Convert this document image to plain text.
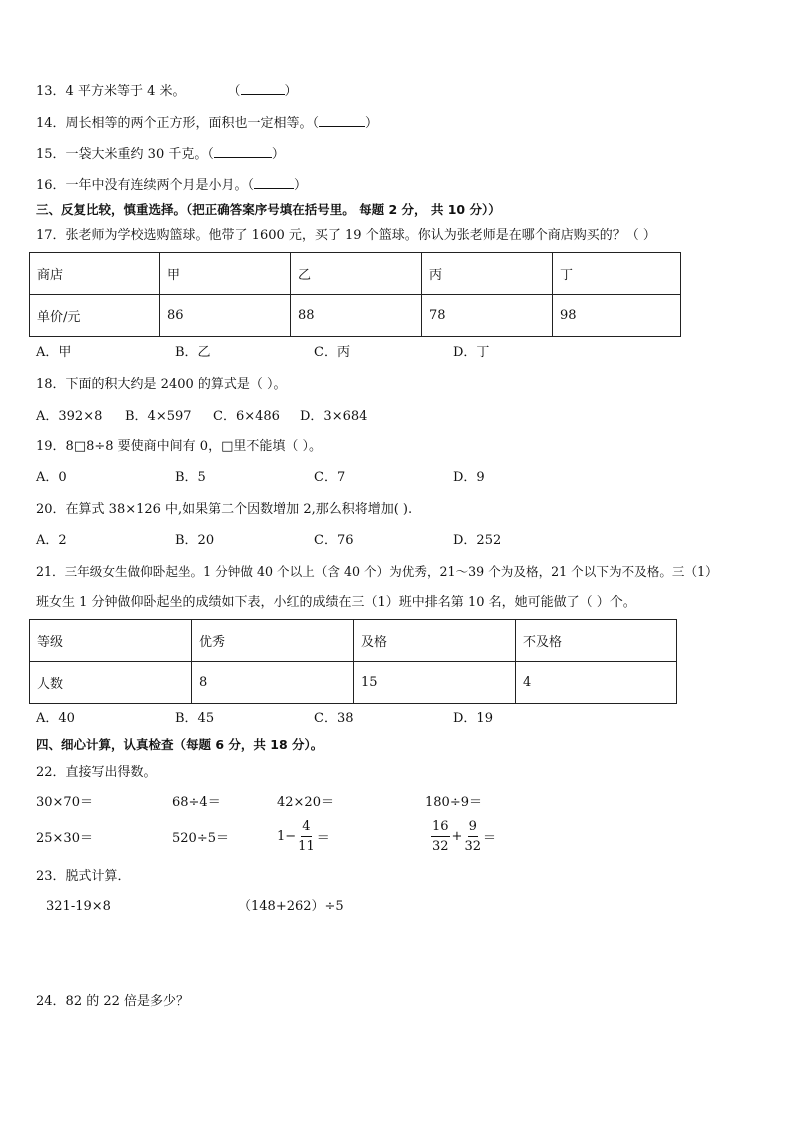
13．4 平方米等于 4 米。	（	）
14．周长相等的两个正方形，面积也一定相等。（	）
15．一袋大米重约 30 千克。（	）
16．一年中没有连续两个月是小月。（	）
三、反复比较，慎重选择。（把正确答案序号填在括号里。 每题 2 分， 共 10 分））
17．张老师为学校选购篮球。他带了 1600 元，买了 19 个篮球。你认为张老师是在哪个商店购买的？（ ）
商店	甲	乙	丙	丁
单价/元	86	88	78	98
A．甲	B．乙	C．丙	D．丁
18．下面的积大约是 2400 的算式是（ ）。
A．392×8 B．4×597 C．6×486 D．3×684
19．8□8÷8 要使商中间有 0，□里不能填（ ）。
A．0	B．5	C．7	D．9
20．在算式 38×126 中,如果第二个因数增加 2,那么积将增加( ).
A．2	B．20	C．76	D．252
21．三年级女生做仰卧起坐。1 分钟做 40 个以上（含 40 个）为优秀，21～39 个为及格，21 个以下为不及格。三（1）
班女生 1 分钟做仰卧起坐的成绩如下表，小红的成绩在三（1）班中排名第 10 名，她可能做了（ ）个。
等级	优秀	及格	不及格
人数	8	15	4
A．40	B．45	C．38	D．19
四、细心计算，认真检查（每题 6 分，共 18 分）。
22．直接写出得数。
30×70＝	68÷4＝	42×20＝	180÷9＝
25×30＝	520÷5＝	$1- \frac{4}{11}$ ＝	$\frac{16}{32} + \frac{9}{32}$ ＝
23．脱式计算．
321-19×8	（148+262）÷5
24．82 的 22 倍是多少？
